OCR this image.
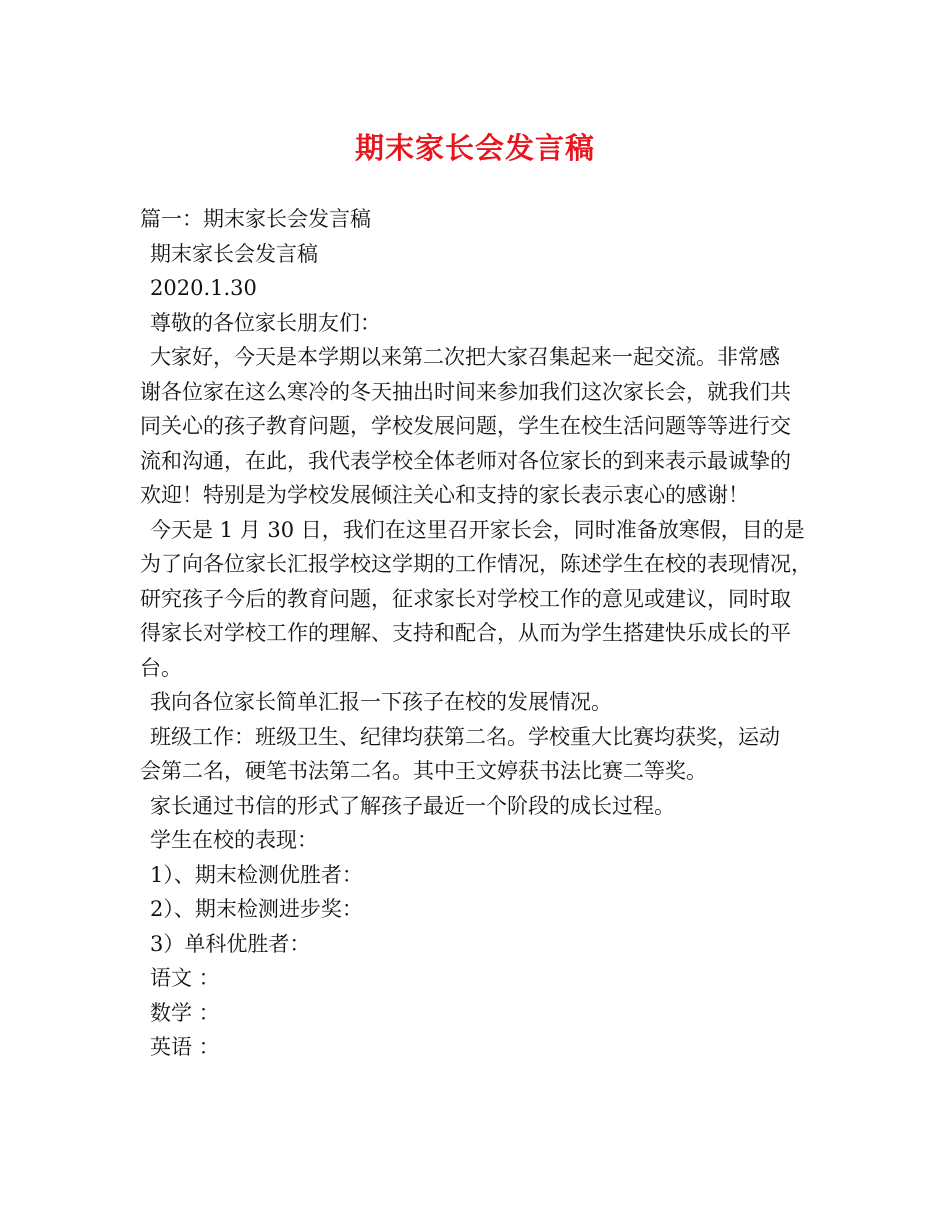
期末家长会发言稿
篇一：期末家长会发言稿
期末家长会发言稿
2020.1.30
尊敬的各位家长朋友们：
大家好，今天是本学期以来第二次把大家召集起来一起交流。非常感
谢各位家在这么寒冷的冬天抽出时间来参加我们这次家长会，就我们共
同关心的孩子教育问题，学校发展问题，学生在校生活问题等等进行交
流和沟通，在此，我代表学校全体老师对各位家长的到来表示最诚挚的
欢迎！特别是为学校发展倾注关心和支持的家长表示衷心的感谢！
今天是 1 月 30 日，我们在这里召开家长会，同时准备放寒假，目的是
为了向各位家长汇报学校这学期的工作情况，陈述学生在校的表现情况，
研究孩子今后的教育问题，征求家长对学校工作的意见或建议，同时取
得家长对学校工作的理解、支持和配合，从而为学生搭建快乐成长的平
台。
我向各位家长简单汇报一下孩子在校的发展情况。
班级工作：班级卫生、纪律均获第二名。学校重大比赛均获奖，运动
会第二名，硬笔书法第二名。其中王文婷获书法比赛二等奖。
家长通过书信的形式了解孩子最近一个阶段的成长过程。
学生在校的表现：
1）、期末检测优胜者：
2）、期末检测进步奖：
3）单科优胜者：
语文 ：
数学 ：
英语 ：
